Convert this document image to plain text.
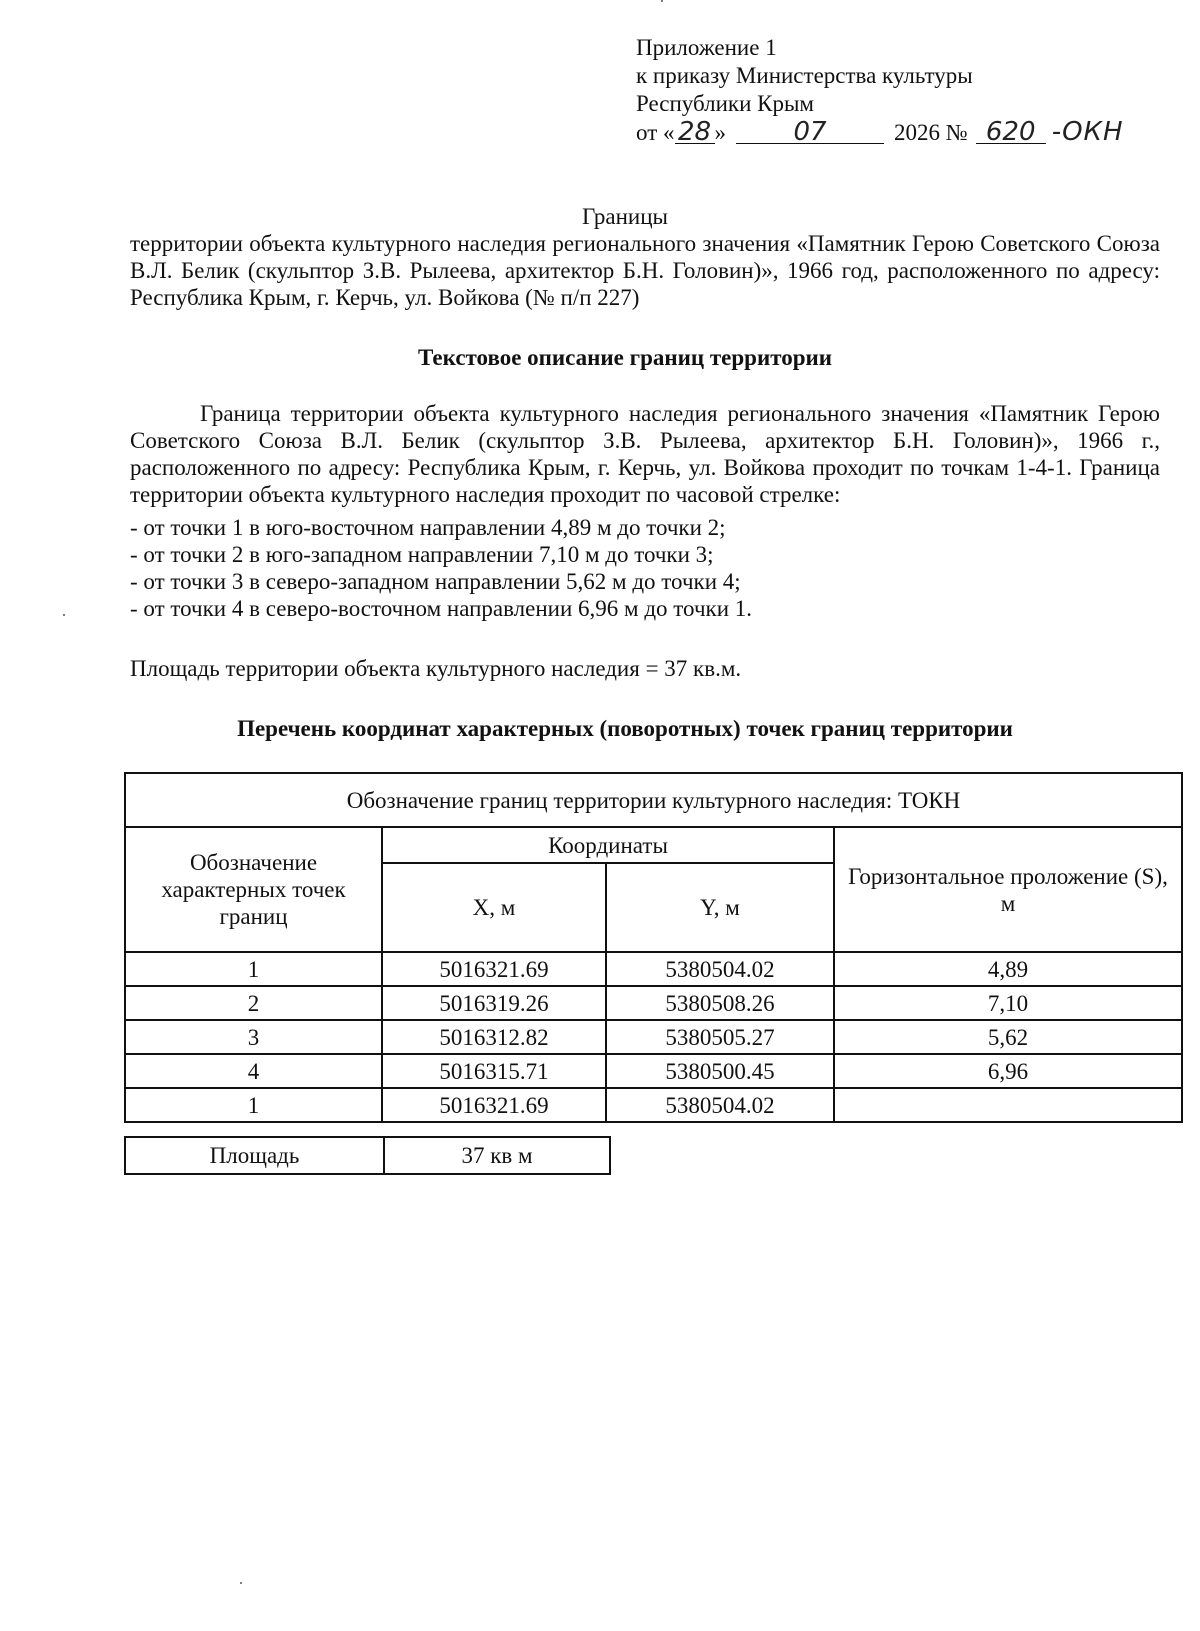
Приложение 1
к приказу Министерства культуры
Республики Крым
от « 28 »	07	2026 № 620 -ОКН
Границы
территории объекта культурного наследия регионального значения «Памятник Герою Советского Союза В.Л. Белик (скульптор З.В. Рылеева, архитектор Б.Н. Головин)», 1966 год, расположенного по адресу: Республика Крым, г. Керчь, ул. Войкова (№ п/п 227)
Текстовое описание границ территории
Граница территории объекта культурного наследия регионального значения «Памятник Герою Советского Союза В.Л. Белик (скульптор З.В. Рылеева, архитектор Б.Н. Головин)», 1966 г., расположенного по адресу: Республика Крым, г. Керчь, ул. Войкова проходит по точкам 1-4-1. Граница территории объекта культурного наследия проходит по часовой стрелке:
- от точки 1 в юго-восточном направлении 4,89 м до точки 2;
- от точки 2 в юго-западном направлении 7,10 м до точки 3;
- от точки 3 в северо-западном направлении 5,62 м до точки 4;
- от точки 4 в северо-восточном направлении 6,96 м до точки 1.
Площадь территории объекта культурного наследия = 37 кв.м.
Перечень координат характерных (поворотных) точек границ территории
Обозначение границ территории культурного наследия: ТОКН			
Обозначение характерных точек границ	Координаты		Горизонтальное проложение (S), м
	X, м	Y, м	
1	5016321.69	5380504.02	4,89
2	5016319.26	5380508.26	7,10
3	5016312.82	5380505.27	5,62
4	5016315.71	5380500.45	6,96
1	5016321.69	5380504.02	
Площадь	37 кв м
